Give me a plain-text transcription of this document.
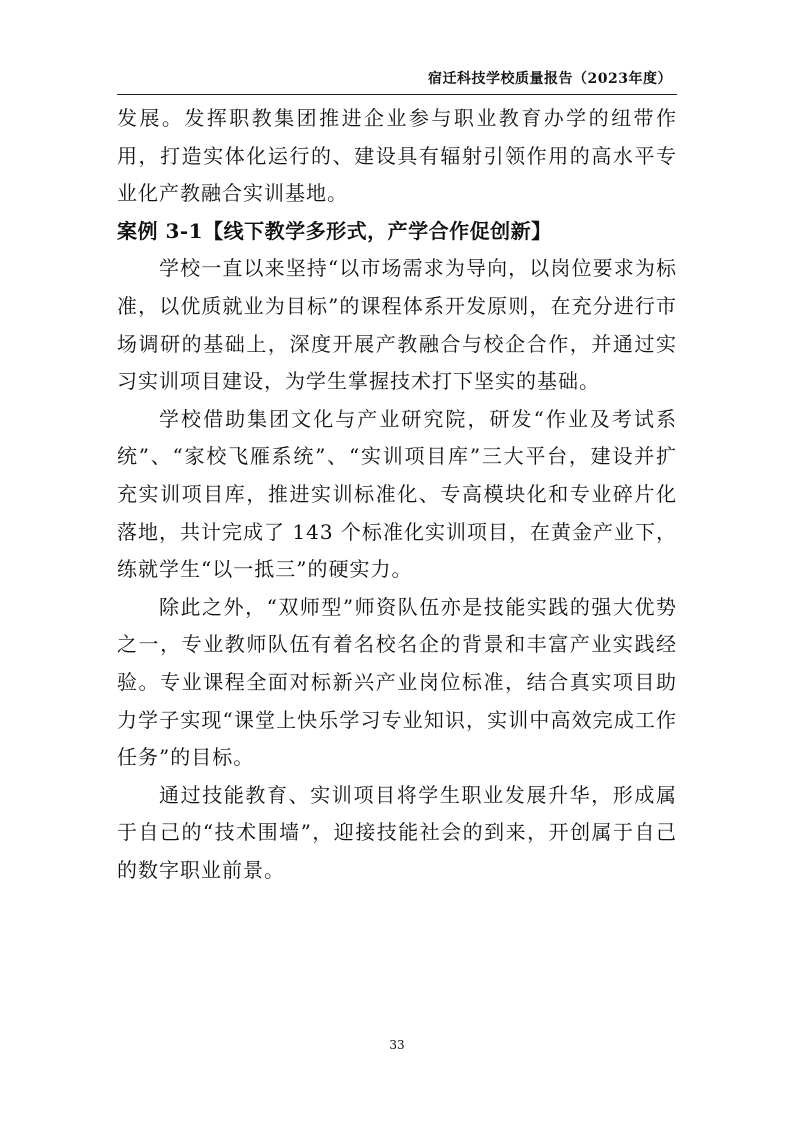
宿迁科技学校质量报告（2023年度）

发展。发挥职教集团推进企业参与职业教育办学的纽带作用，打造实体化运行的、建设具有辐射引领作用的高水平专业化产教融合实训基地。

案例 3-1【线下教学多形式，产学合作促创新】

学校一直以来坚持“以市场需求为导向，以岗位要求为标准，以优质就业为目标”的课程体系开发原则，在充分进行市场调研的基础上，深度开展产教融合与校企合作，并通过实习实训项目建设，为学生掌握技术打下坚实的基础。

学校借助集团文化与产业研究院，研发“作业及考试系统”、“家校飞雁系统”、“实训项目库”三大平台，建设并扩充实训项目库，推进实训标准化、专高模块化和专业碎片化落地，共计完成了 143 个标准化实训项目，在黄金产业下，练就学生“以一抵三”的硬实力。

除此之外，“双师型”师资队伍亦是技能实践的强大优势之一，专业教师队伍有着名校名企的背景和丰富产业实践经验。专业课程全面对标新兴产业岗位标准，结合真实项目助力学子实现“课堂上快乐学习专业知识，实训中高效完成工作任务”的目标。

通过技能教育、实训项目将学生职业发展升华，形成属于自己的“技术围墙”，迎接技能社会的到来，开创属于自己的数字职业前景。

33
